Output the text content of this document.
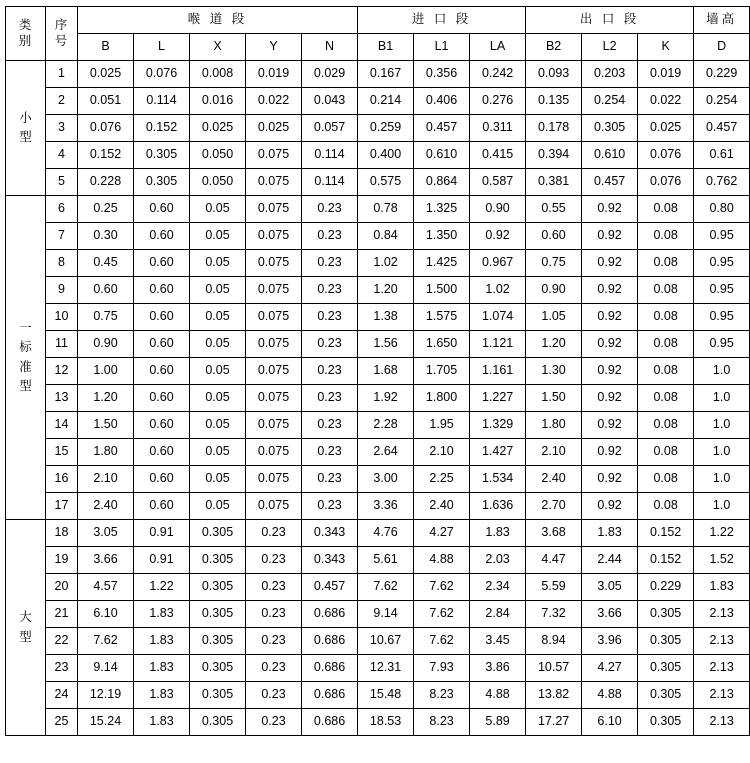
类
别	序
号	喉 道 段					进 口 段			出 口 段			墙高
		B	L	X	Y	N	B1	L1	LA	B2	L2	K	D

小
型	1	0.025	0.076	0.008	0.019	0.029	0.167	0.356	0.242	0.093	0.203	0.019	0.229
	2	0.051	0.114	0.016	0.022	0.043	0.214	0.406	0.276	0.135	0.254	0.022	0.254
	3	0.076	0.152	0.025	0.025	0.057	0.259	0.457	0.311	0.178	0.305	0.025	0.457
	4	0.152	0.305	0.050	0.075	0.114	0.400	0.610	0.415	0.394	0.610	0.076	0.61
	5	0.228	0.305	0.050	0.075	0.114	0.575	0.864	0.587	0.381	0.457	0.076	0.762

一
标
准
型	6	0.25	0.60	0.05	0.075	0.23	0.78	1.325	0.90	0.55	0.92	0.08	0.80
	7	0.30	0.60	0.05	0.075	0.23	0.84	1.350	0.92	0.60	0.92	0.08	0.95
	8	0.45	0.60	0.05	0.075	0.23	1.02	1.425	0.967	0.75	0.92	0.08	0.95
	9	0.60	0.60	0.05	0.075	0.23	1.20	1.500	1.02	0.90	0.92	0.08	0.95
	10	0.75	0.60	0.05	0.075	0.23	1.38	1.575	1.074	1.05	0.92	0.08	0.95
	11	0.90	0.60	0.05	0.075	0.23	1.56	1.650	1.121	1.20	0.92	0.08	0.95
	12	1.00	0.60	0.05	0.075	0.23	1.68	1.705	1.161	1.30	0.92	0.08	1.0
	13	1.20	0.60	0.05	0.075	0.23	1.92	1.800	1.227	1.50	0.92	0.08	1.0
	14	1.50	0.60	0.05	0.075	0.23	2.28	1.95	1.329	1.80	0.92	0.08	1.0
	15	1.80	0.60	0.05	0.075	0.23	2.64	2.10	1.427	2.10	0.92	0.08	1.0
	16	2.10	0.60	0.05	0.075	0.23	3.00	2.25	1.534	2.40	0.92	0.08	1.0
	17	2.40	0.60	0.05	0.075	0.23	3.36	2.40	1.636	2.70	0.92	0.08	1.0

大
型	18	3.05	0.91	0.305	0.23	0.343	4.76	4.27	1.83	3.68	1.83	0.152	1.22
	19	3.66	0.91	0.305	0.23	0.343	5.61	4.88	2.03	4.47	2.44	0.152	1.52
	20	4.57	1.22	0.305	0.23	0.457	7.62	7.62	2.34	5.59	3.05	0.229	1.83
	21	6.10	1.83	0.305	0.23	0.686	9.14	7.62	2.84	7.32	3.66	0.305	2.13
	22	7.62	1.83	0.305	0.23	0.686	10.67	7.62	3.45	8.94	3.96	0.305	2.13
	23	9.14	1.83	0.305	0.23	0.686	12.31	7.93	3.86	10.57	4.27	0.305	2.13
	24	12.19	1.83	0.305	0.23	0.686	15.48	8.23	4.88	13.82	4.88	0.305	2.13
	25	15.24	1.83	0.305	0.23	0.686	18.53	8.23	5.89	17.27	6.10	0.305	2.13
